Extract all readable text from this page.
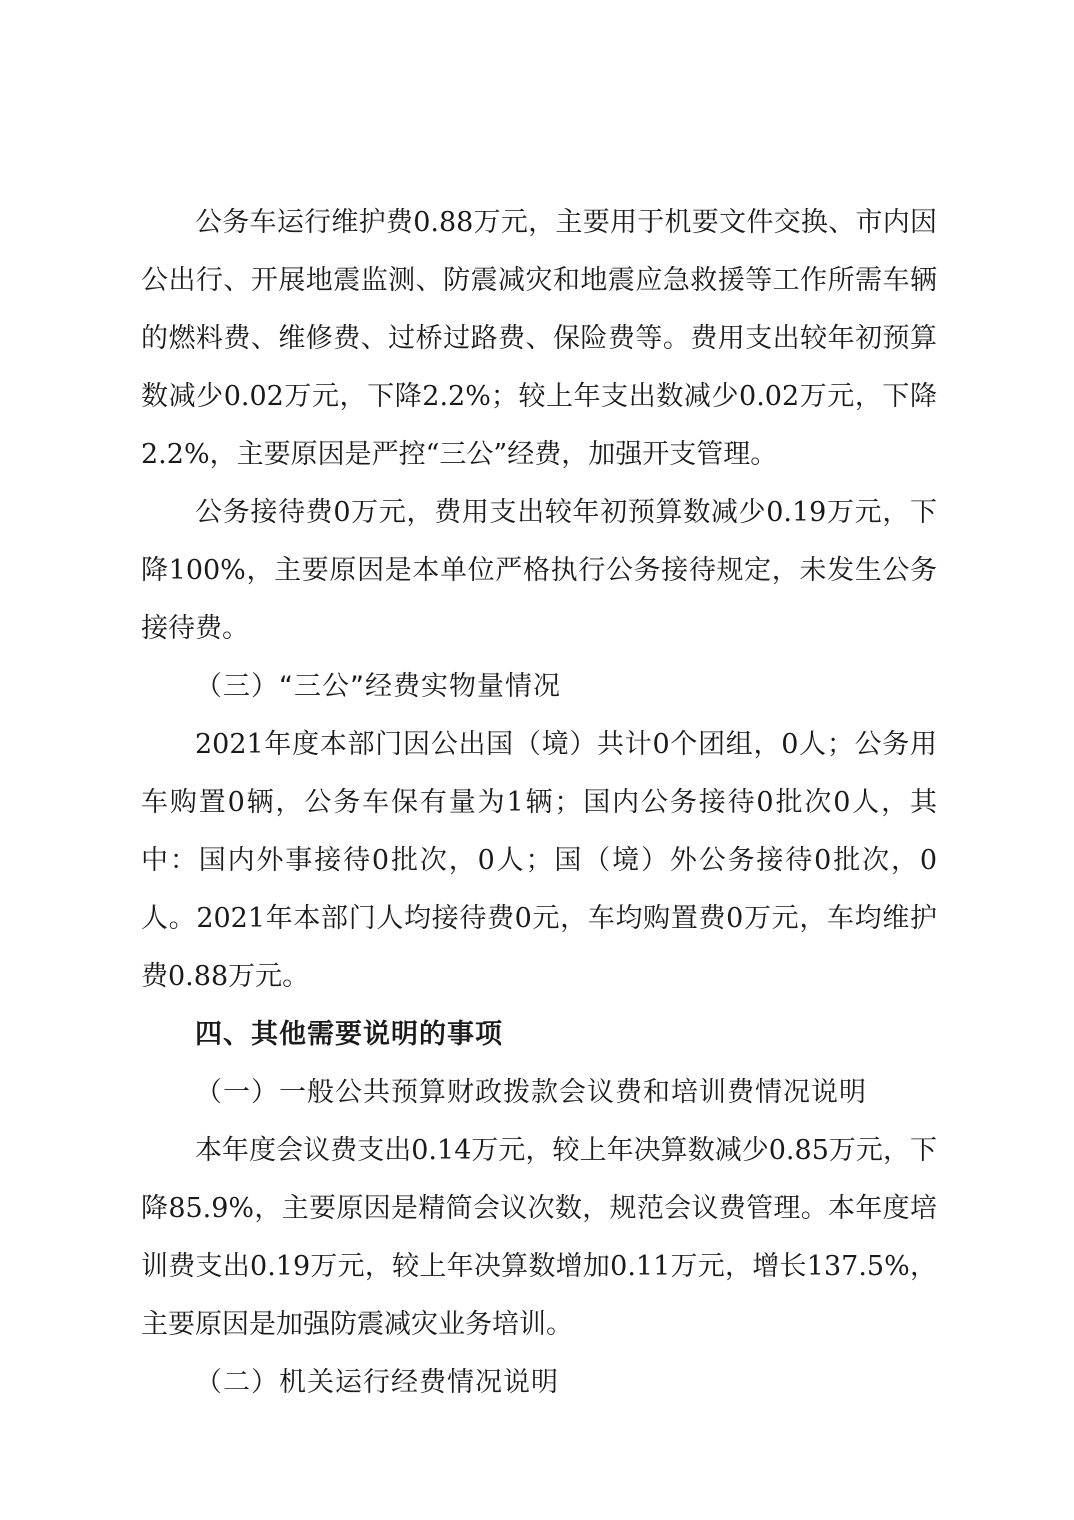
公务车运行维护费0.88万元，主要用于机要文件交换、市内因公出行、开展地震监测、防震减灾和地震应急救援等工作所需车辆的燃料费、维修费、过桥过路费、保险费等。费用支出较年初预算数减少0.02万元，下降2.2%；较上年支出数减少0.02万元，下降2.2%，主要原因是严控“三公”经费，加强开支管理。

公务接待费0万元，费用支出较年初预算数减少0.19万元，下降100%，主要原因是本单位严格执行公务接待规定，未发生公务接待费。

（三）“三公”经费实物量情况

2021年度本部门因公出国（境）共计0个团组，0人；公务用车购置0辆，公务车保有量为1辆；国内公务接待0批次0人，其中：国内外事接待0批次，0人；国（境）外公务接待0批次，0人。2021年本部门人均接待费0元，车均购置费0万元，车均维护费0.88万元。

四、其他需要说明的事项

（一）一般公共预算财政拨款会议费和培训费情况说明

本年度会议费支出0.14万元，较上年决算数减少0.85万元，下降85.9%，主要原因是精简会议次数，规范会议费管理。本年度培训费支出0.19万元，较上年决算数增加0.11万元，增长137.5%，主要原因是加强防震减灾业务培训。

（二）机关运行经费情况说明
